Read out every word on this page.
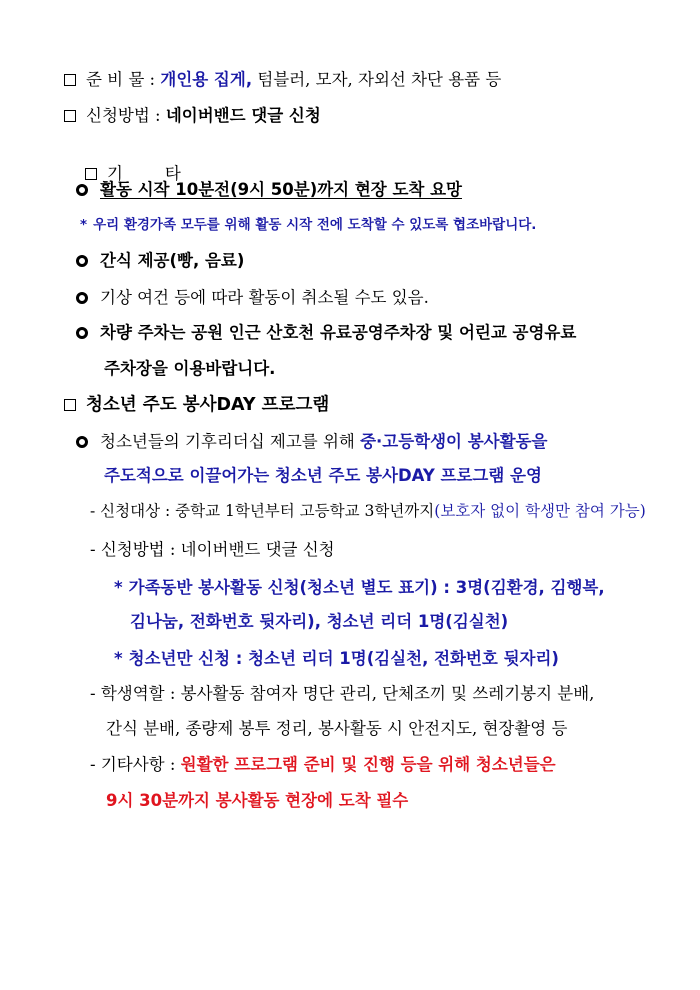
준 비 물 : 개인용 집게, 텀블러, 모자, 자외선 차단 용품 등
신청방법 : 네이버밴드 댓글 신청

기        타

활동 시작 10분전(9시 50분)까지 현장 도착 요망
* 우리 환경가족 모두를 위해 활동 시작 전에 도착할 수 있도록 협조바랍니다.
간식 제공(빵, 음료)
기상 여건 등에 따라 활동이 취소될 수도 있음.
차량 주차는 공원 인근 산호천 유료공영주차장 및 어린교 공영유료
주차장을 이용바랍니다.
청소년 주도 봉사DAY 프로그램
청소년들의 기후리더십 제고를 위해 중·고등학생이 봉사활동을
주도적으로 이끌어가는 청소년 주도 봉사DAY 프로그램 운영
- 신청대상 : 중학교 1학년부터 고등학교 3학년까지(보호자 없이 학생만 참여 가능)
- 신청방법 : 네이버밴드 댓글 신청
* 가족동반 봉사활동 신청(청소년 별도 표기) : 3명(김환경, 김행복,
김나눔, 전화번호 뒷자리), 청소년 리더 1명(김실천)
* 청소년만 신청 : 청소년 리더 1명(김실천, 전화번호 뒷자리)
- 학생역할 : 봉사활동 참여자 명단 관리, 단체조끼 및 쓰레기봉지 분배,
간식 분배, 종량제 봉투 정리, 봉사활동 시 안전지도, 현장촬영 등
- 기타사항 : 원활한 프로그램 준비 및 진행 등을 위해 청소년들은
9시 30분까지 봉사활동 현장에 도착 필수
